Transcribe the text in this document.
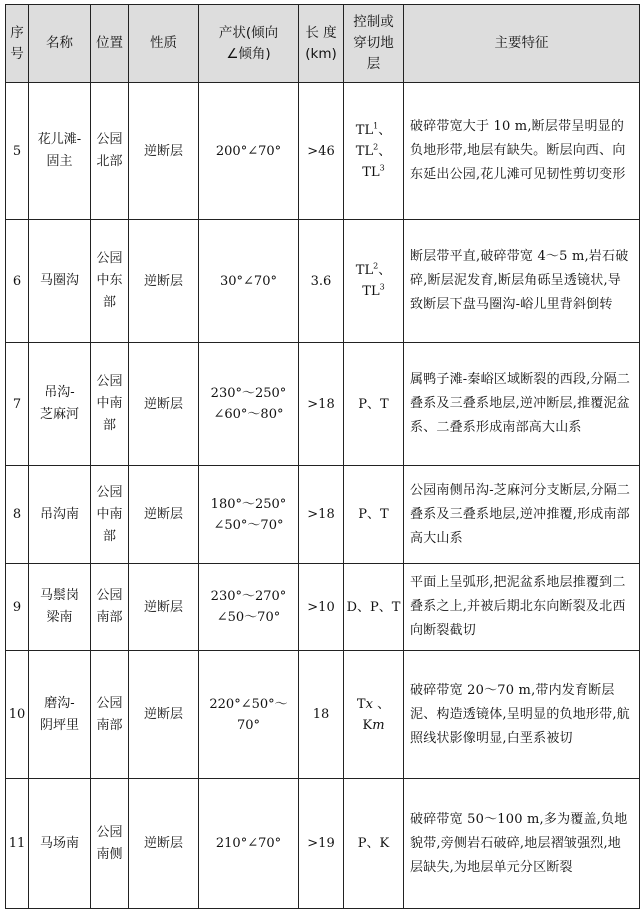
序
号	名称	位置	性质	产状(倾向
∠倾角)	长 度
(km)	控制或
穿切地
层	主要特征
5	花儿滩-
固主	公园
北部	逆断层	200°∠70°	>46	$TL^1$、
$TL^2$、
$TL^3$	破碎带宽大于 10 m,断层带呈明显的负地形带,地层有缺失。断层向西、向东延出公园,花儿滩可见韧性剪切变形
6	马圈沟	公园
中东
部	逆断层	30°∠70°	3.6	$TL^2$、
$TL^3$	断层带平直,破碎带宽 4～5 m,岩石破碎,断层泥发育,断层角砾呈透镜状,导致断层下盘马圈沟-峪儿里背斜倒转
7	吊沟-
芝麻河	公园
中南
部	逆断层	230°～250°
∠60°～80°	>18	P、T	属鸭子滩-秦峪区域断裂的西段,分隔二叠系及三叠系地层,逆冲断层,推覆泥盆系、二叠系形成南部高大山系
8	吊沟南	公园
中南
部	逆断层	180°～250°
∠50°～70°	>18	P、T	公园南侧吊沟-芝麻河分支断层,分隔二叠系及三叠系地层,逆冲推覆,形成南部高大山系
9	马鬃岗
梁南	公园
南部	逆断层	230°～270°
∠50～70°	>10	D、P、T	平面上呈弧形,把泥盆系地层推覆到二叠系之上,并被后期北东向断裂及北西向断裂截切
10	磨沟-
阴坪里	公园
南部	逆断层	220°∠50°～
70°	18	Tx 、
Km	破碎带宽 20～70 m,带内发育断层泥、构造透镜体,呈明显的负地形带,航照线状影像明显,白垩系被切
11	马场南	公园
南侧	逆断层	210°∠70°	>19	P、K	破碎带宽 50～100 m,多为覆盖,负地貌带,旁侧岩石破碎,地层褶皱强烈,地层缺失,为地层单元分区断裂
